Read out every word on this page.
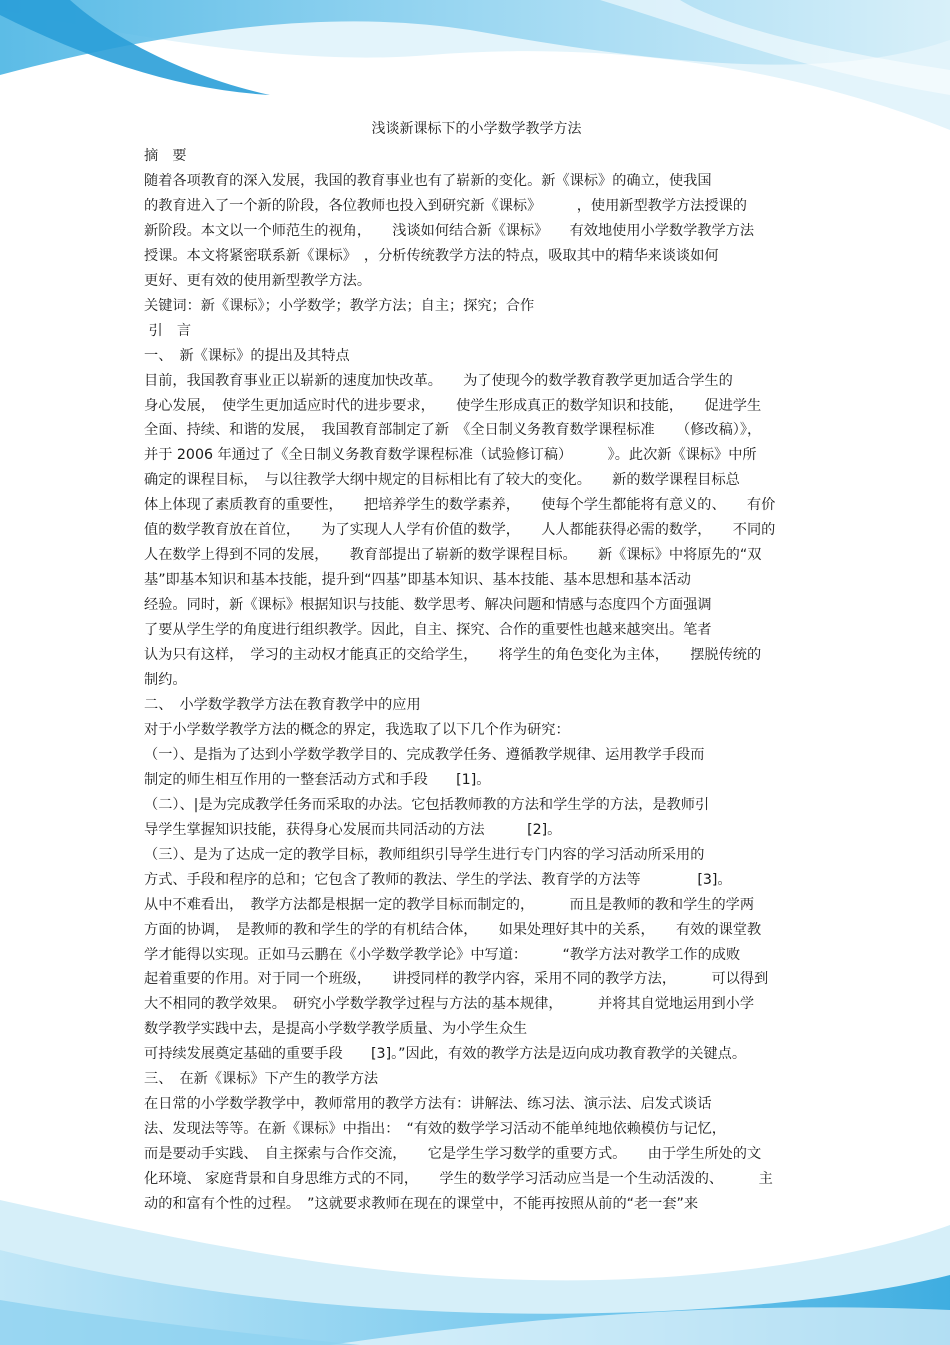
浅谈新课标下的小学数学教学方法
摘　要
随着各项教育的深入发展，我国的教育事业也有了崭新的变化。新《课标》的确立，使我国
的教育进入了一个新的阶段，各位教师也投入到研究新《课标》　　　，使用新型教学方法授课的
新阶段。本文以一个师范生的视角，　　浅谈如何结合新《课标》　　有效地使用小学数学教学方法
授课。本文将紧密联系新《课标》　，分析传统教学方法的特点，吸取其中的精华来谈谈如何
更好、更有效的使用新型教学方法。
关键词：新《课标》；小学数学；教学方法；自主；探究；合作
引　言
一、　新《课标》的提出及其特点
目前，我国教育事业正以崭新的速度加快改革。　　为了使现今的数学教育教学更加适合学生的
身心发展，　使学生更加适应时代的进步要求，　　使学生形成真正的数学知识和技能，　　促进学生
全面、持续、和谐的发展，　我国教育部制定了新　《全日制义务教育数学课程标准　　（修改稿）》，
并于 2006 年通过了《全日制义务教育数学课程标准（试验修订稿）　　　》。此次新《课标》中所
确定的课程目标，　与以往教学大纲中规定的目标相比有了较大的变化。　　新的数学课程目标总
体上体现了素质教育的重要性，　　把培养学生的数学素养，　　使每个学生都能将有意义的、　　有价
值的数学教育放在首位，　　为了实现人人学有价值的数学，　　人人都能获得必需的数学，　　不同的
人在数学上得到不同的发展，　　教育部提出了崭新的数学课程目标。　　新《课标》中将原先的“双
基”即基本知识和基本技能，提升到“四基”即基本知识、基本技能、基本思想和基本活动
经验。同时，新《课标》根据知识与技能、数学思考、解决问题和情感与态度四个方面强调
了要从学生学的角度进行组织教学。因此，自主、探究、合作的重要性也越来越突出。笔者
认为只有这样，　学习的主动权才能真正的交给学生，　　将学生的角色变化为主体，　　摆脱传统的
制约。
二、　小学数学教学方法在教育教学中的应用
对于小学数学教学方法的概念的界定，我选取了以下几个作为研究：
（一）、是指为了达到小学数学教学目的、完成教学任务、遵循教学规律、运用教学手段而
制定的师生相互作用的一整套活动方式和手段　　[1]。
（二）、|是为完成教学任务而采取的办法。它包括教师教的方法和学生学的方法，是教师引
导学生掌握知识技能，获得身心发展而共同活动的方法　　　[2]。
（三）、是为了达成一定的教学目标，教师组织引导学生进行专门内容的学习活动所采用的
方式、手段和程序的总和；它包含了教师的教法、学生的学法、教育学的方法等　　　　[3]。
从中不难看出，　教学方法都是根据一定的教学目标而制定的，　　　而且是教师的教和学生的学两
方面的协调，　是教师的教和学生的学的有机结合体，　　如果处理好其中的关系，　　有效的课堂教
学才能得以实现。正如马云鹏在《小学数学教学论》中写道：　　　“教学方法对教学工作的成败
起着重要的作用。对于同一个班级，　　讲授同样的教学内容，采用不同的教学方法，　　　可以得到
大不相同的教学效果。　研究小学数学教学过程与方法的基本规律，　　　并将其自觉地运用到小学
数学教学实践中去，是提高小学数学教学质量、为小学生众生
可持续发展奠定基础的重要手段　　[3]。”因此，有效的教学方法是迈向成功教育教学的关键点。
三、　在新《课标》下产生的教学方法
在日常的小学数学教学中，教师常用的教学方法有：讲解法、练习法、演示法、启发式谈话
法、发现法等等。在新《课标》中指出：　“有效的数学学习活动不能单纯地依赖模仿与记忆，
而是要动手实践、　自主探索与合作交流，　　它是学生学习数学的重要方式。　　由于学生所处的文
化环境、 家庭背景和自身思维方式的不同，　　学生的数学学习活动应当是一个生动活泼的、　　　主
动的和富有个性的过程。　”这就要求教师在现在的课堂中，不能再按照从前的“老一套”来
